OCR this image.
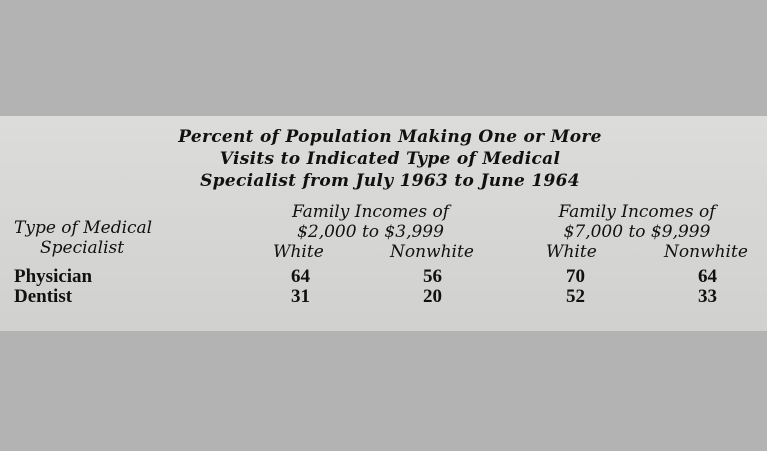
Percent of Population Making One or More
Visits to Indicated Type of Medical
Specialist from July 1963 to June 1964
Type of Medical
Specialist
Family Incomes of
$2,000 to $3,999
Family Incomes of
$7,000 to $9,999
White	Nonwhite	White	Nonwhite
Physician	64	56	70	64
Dentist	31	20	52	33
